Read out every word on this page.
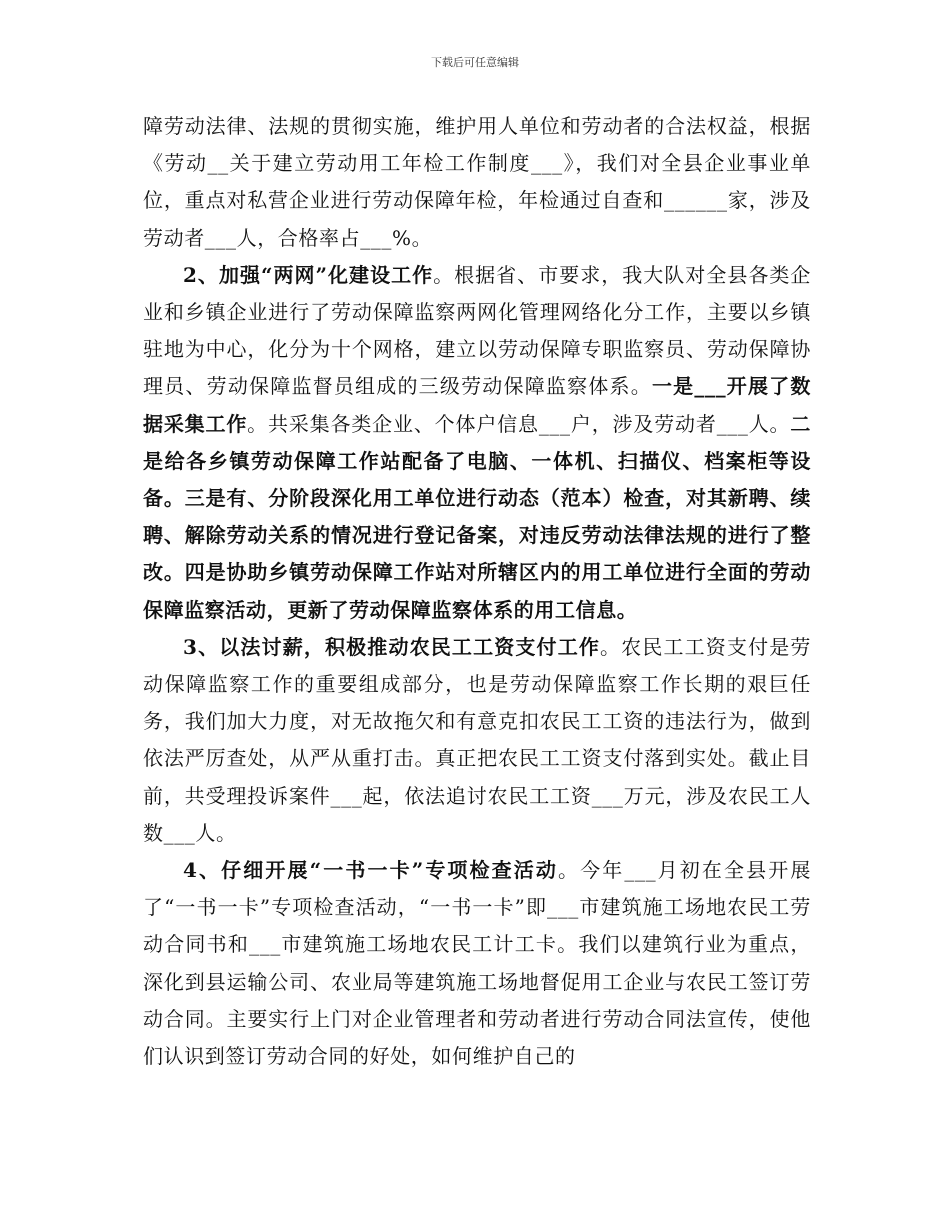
下载后可任意编辑

障劳动法律、法规的贯彻实施，维护用人单位和劳动者的合法权益，根据《劳动__关于建立劳动用工年检工作制度___》，我们对全县企业事业单位，重点对私营企业进行劳动保障年检，年检通过自查和______家，涉及劳动者___人，合格率占___%。

2、加强“两网”化建设工作。根据省、市要求，我大队对全县各类企业和乡镇企业进行了劳动保障监察两网化管理网络化分工作，主要以乡镇驻地为中心，化分为十个网格，建立以劳动保障专职监察员、劳动保障协理员、劳动保障监督员组成的三级劳动保障监察体系。一是___开展了数据采集工作。共采集各类企业、个体户信息___户，涉及劳动者___人。二是给各乡镇劳动保障工作站配备了电脑、一体机、扫描仪、档案柜等设备。三是有、分阶段深化用工单位进行动态（范本）检查，对其新聘、续聘、解除劳动关系的情况进行登记备案，对违反劳动法律法规的进行了整改。四是协助乡镇劳动保障工作站对所辖区内的用工单位进行全面的劳动保障监察活动，更新了劳动保障监察体系的用工信息。

3、以法讨薪，积极推动农民工工资支付工作。农民工工资支付是劳动保障监察工作的重要组成部分，也是劳动保障监察工作长期的艰巨任务，我们加大力度，对无故拖欠和有意克扣农民工工资的违法行为，做到依法严厉查处，从严从重打击。真正把农民工工资支付落到实处。截止目前，共受理投诉案件___起，依法追讨农民工工资___万元，涉及农民工人数___人。

4、仔细开展“一书一卡”专项检查活动。今年___月初在全县开展了“一书一卡”专项检查活动，“一书一卡”即___市建筑施工场地农民工劳动合同书和___市建筑施工场地农民工计工卡。我们以建筑行业为重点，深化到县运输公司、农业局等建筑施工场地督促用工企业与农民工签订劳动合同。主要实行上门对企业管理者和劳动者进行劳动合同法宣传，使他们认识到签订劳动合同的好处，如何维护自己的
